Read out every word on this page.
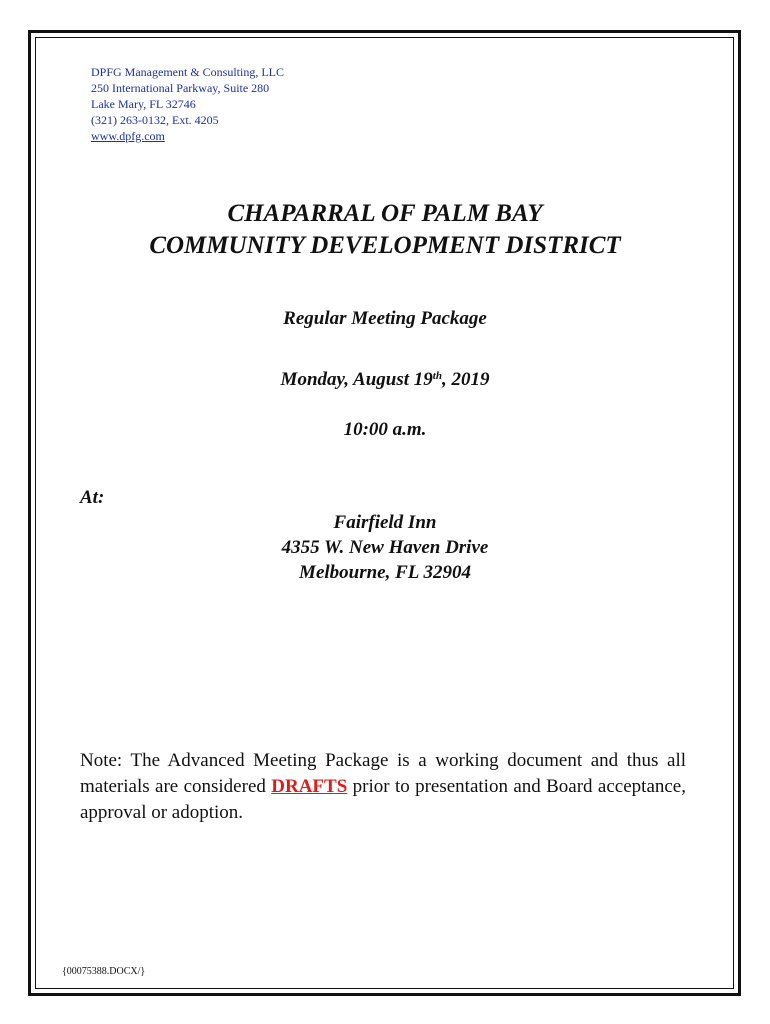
DPFG Management & Consulting, LLC
250 International Parkway, Suite 280
Lake Mary, FL 32746
(321) 263-0132, Ext. 4205
www.dpfg.com
CHAPARRAL OF PALM BAY
COMMUNITY DEVELOPMENT DISTRICT
Regular Meeting Package
Monday, August 19th, 2019
10:00 a.m.
At:
Fairfield Inn
4355 W. New Haven Drive
Melbourne, FL 32904
Note: The Advanced Meeting Package is a working document and thus all materials are considered DRAFTS prior to presentation and Board acceptance, approval or adoption.
{00075388.DOCX/}
